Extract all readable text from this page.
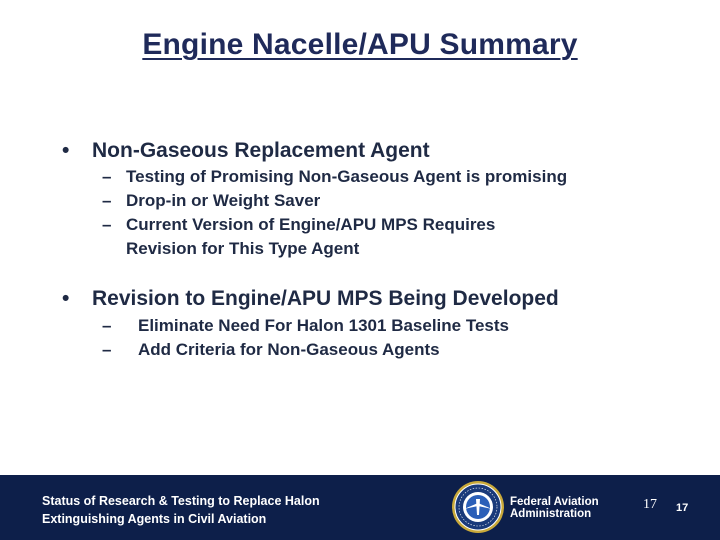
Engine Nacelle/APU Summary
• Non-Gaseous Replacement Agent
– Testing of Promising Non-Gaseous Agent is promising
– Drop-in or Weight Saver
– Current Version of Engine/APU MPS Requires
Revision for This Type Agent
• Revision to Engine/APU MPS Being Developed
– Eliminate Need For Halon 1301 Baseline Tests
– Add Criteria for Non-Gaseous Agents
Status of Research & Testing to Replace Halon
Extinguishing Agents in Civil Aviation
Federal Aviation
Administration
17 17
